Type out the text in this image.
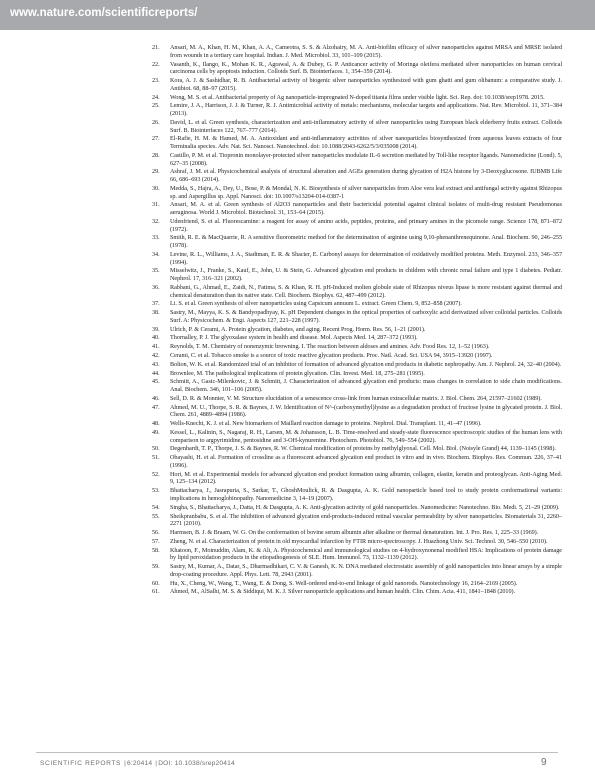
www.nature.com/scientificreports/
21. Ansari, M. A., Khan, H. M., Khan, A. A., Cameotra, S. S. & Alzohairy, M. A. Anti-biofilm efficacy of silver nanoparticles against MRSA and MRSE isolated from wounds in a tertiary care hospital. Indian. J. Med. Microbiol. 33, 101–109 (2015).
22. Vasanth, K., Ilango, K., Mohan K. R., Agrawal, A. & Dubey, G. P. Anticancer activity of Moringa oleifera mediated silver nanoparticles on human cervical carcinoma cells by apoptosis induction. Colloids Surf. B. Biointerfaces. 1, 354–359 (2014).
23. Kora, A. J. & Sashidhar, R. B. Antibacterial activity of biogenic silver nanoparticles synthesized with gum ghatti and gum olibanum: a comparative study. J. Antibiot. 68, 88–97 (2015).
24. Wong, M. S. et al. Antibacterial property of Ag nanoparticle-impregnated N-doped titania films under visible light. Sci. Rep. doi: 10.1038/srep1978. 2015.
25. Lemire, J. A., Harrison, J. J. & Turner, R. J. Antimicrobial activity of metals: mechanisms, molecular targets and applications. Nat. Rev. Microbiol. 11, 371–384 (2013).
26. David, L. et al. Green synthesis, characterization and anti-inflammatory activity of silver nanoparticles using European black elderberry fruits extract. Colloids Surf. B. Biointerfaces 122, 767–777 (2014).
27. El-Rafie, H. M. & Hamed, M. A. Antioxidant and anti-inflammatory activities of silver nanoparticles biosynthesized from aqueous leaves extracts of four Terminalia species. Adv. Nat. Sci. Nanosci. Nanotechnol. doi: 10.1088/2043-6262/5/3/035008 (2014).
28. Castillo, P. M. et al. Tiopronin monolayer-protected silver nanoparticles modulate IL-6 secretion mediated by Toll-like receptor ligands. Nanomedicine (Lond). 5, 627–35 (2008).
29. Ashraf, J. M. et al. Physicochemical analysis of structural alteration and AGEs generation during glycation of H2A histone by 3-Deoxyglucosone. IUBMB Life 66, 686–693 (2014).
30. Medda, S., Hajra, A., Dey, U., Bose, P. & Mondal, N. K. Biosynthesis of silver nanoparticles from Aloe vera leaf extract and antifungal activity against Rhizopus sp. and Aspergillus sp. Appl. Nanosci. doi: 10.1007/s13204-014-0387-1
31. Ansari, M. A. et al. Green synthesis of Al2O3 nanoparticles and their bactericidal potential against clinical isolates of multi-drug resistant Pseudomonas aeruginosa. World J. Microbiol. Biotechnol. 31, 153–64 (2015).
32. Udenfriend, S. et al. Fluorescamine: a reagent for assay of amino acids, peptides, proteins, and primary amines in the picomole range. Science 178, 871–872 (1972).
33. Smith, R. E. & MacQuarrie, R. A sensitive fluorometric method for the determination of arginine using 9,10-phenanthrenequinone. Anal. Biochem. 90, 246–255 (1978).
34. Levine, R. L., Williams, J. A., Stadtman, E. R. & Shacter, E. Carbonyl assays for determination of oxidatively modified proteins. Meth. Enzymol. 233, 346–357 (1994).
35. Misselwitz, J., Franke, S., Kauf, E., John, U. & Stein, G. Advanced glycation end products in children with chronic renal failure and type 1 diabetes. Pediatr. Nephrol. 17, 316–321 (2002).
36. Rabbani, G., Ahmad, E., Zaidi, N., Fatima, S. & Khan, R. H. pH-Induced molten globule state of Rhizopus niveus lipase is more resistant against thermal and chemical denaturation than its native state. Cell. Biochem. Biophys. 62, 487–499 (2012).
37. Li. S. et al. Green synthesis of silver nanoparticles using Capsicum annuum L. extract. Green Chem. 9, 852–858 (2007).
38. Sastry, M., Mayya, K. S. & Bandyopadhyay, K. pH Dependent changes in the optical properties of carboxylic acid derivatized silver colloidal particles. Colloids Surf. A: Physicochem. & Engi. Aspects 127, 221–228 (1997).
39. Ulrich, P. & Cerami, A. Protein glycation, diabetes, and aging. Recent Prog. Horm. Res. 56, 1–21 (2001).
40. Thornalley, P. J. The glyoxalase system in health and disease. Mol. Aspects Med. 14, 287–372 (1993).
41. Reynolds, T. M. Chemistry of nonenzymic browning. I. The reaction between aldoses and amines. Adv. Food Res. 12, 1–52 (1963).
42. Cerami, C. et al. Tobacco smoke is a source of toxic reactive glycation products. Proc. Natl. Acad. Sci. USA 94, 3915–13920 (1997).
43. Bolton, W. K. et al. Randomized trial of an inhibitor of formation of advanced glycation end products in diabetic nephropathy. Am. J. Nephrol. 24, 32–40 (2004).
44. Brownlee, M. The pathological implications of protein glycation. Clin. Invest. Med. 18, 275–281 (1995).
45. Schmitt, A., Gasic-Milenkovic, J. & Schmitt, J. Characterization of advanced glycation end products: mass changes in correlation to side chain modifications. Anal. Biochem. 346, 101–106 (2005).
46. Sell, D. R. & Monnier, V. M. Structure elucidation of a senescence cross-link from human extracellular matrix. J. Biol. Chem. 264, 21597–21602 (1989).
47. Ahmed, M. U., Thorpe, S. R. & Baynes, J. W. Identification of N^-(carboxymethyl)lysine as a degradation product of fructose lysine in glycated protein. J. Biol. Chem. 261, 4889–4894 (1986).
48. Wells-Knecht, K. J. et al. New biomarkers of Maillard reaction damage to proteins. Nephrol. Dial. Transplant. 11, 41–47 (1996).
49. Kessel, L., Kalinin, S., Nagaraj, R. H., Larsen, M. & Johansson, L. B. Time-resolved and steady-state fluorescence spectroscopic studies of the human lens with comparison to argpyrimidine, pentosidine and 3-OH-kynurenine. Photochem. Photobiol. 76, 549–554 (2002).
50. Degenhardt, T. P., Thorpe, J. S. & Baynes, R. W. Chemical modification of proteins by methylglyoxal. Cell. Mol. Biol. (Noisyle Grand) 44, 1139–1145 (1998).
51. Obayashi, H. et al. Formation of crossline as a fluorescent advanced glycation end product in vitro and in vivo. Biochem. Biophys. Res. Commun. 226, 37–41 (1996).
52. Hori, M. et al. Experimental models for advanced glycation end product formation using albumin, collagen, elastin, keratin and proteoglycan. Anti-Aging Med. 9, 125–134 (2012).
53. Bhattacharya, J., Jasrapuria, S., Sarkar, T., GhoshMoulick, R. & Dasgupta, A. K. Gold nanoparticle based tool to study protein conformational variants: implications in hemoglobinopathy. Nanomedicine 3, 14–19 (2007).
54. Singha, S., Bhattacharya, J., Datta, H. & Dasgupta, A. K. Anti-glycation activity of gold nanoparticles. Nanomedicine: Nanotechno. Bio. Medi. 5, 21–29 (2009).
55. Sheikpranbabu, S. et al. The inhibition of advanced glycation end-products-induced retinal vascular permeability by silver nanoparticles. Biomaterials 31, 2260–2271 (2010).
56. Harmsen, B. J. & Braam, W. G. On the conformation of bovine serum albumin after alkaline or thermal denaturation. Int. J. Pro. Res. 1, 225–33 (1969).
57. Zheng, N. et al. Characterization of protein in old myocardial infarction by FTIR micro-spectroscopy. J. Huazhong Univ. Sci. Technol. 30, 546–550 (2010).
58. Khatoon, F., Moinuddin, Alam, K. & Ali, A. Physicochemical and immunological studies on 4-hydroxynonenal modified HSA: Implications of protein damage by lipid peroxidation products in the etiopathogenesis of SLE. Hum. Immunol. 73, 1132–1139 (2012).
59. Sastry, M., Kumar, A., Datar, S., Dharmadhikari, C. V. & Ganesh, K. N. DNA mediated electrostatic assembly of gold nanoparticles into linear arrays by a simple drop-coating procedure. Appl. Phys. Lett. 78, 2943 (2001).
60. Hu, X., Cheng, W., Wang, T., Wang, E. & Dong, S. Well-ordered end-to-end linkage of gold nanorods. Nanotechnology 16, 2164–2169 (2005).
61. Ahmed, M., AlSalhi, M. S. & Siddiqui, M. K. J. Silver nanoparticle applications and human health. Clin. Chim. Acta. 411, 1841–1848 (2010).
SCIENTIFIC REPORTS |6:20414 |DOI: 10.1038/srep20414	9
